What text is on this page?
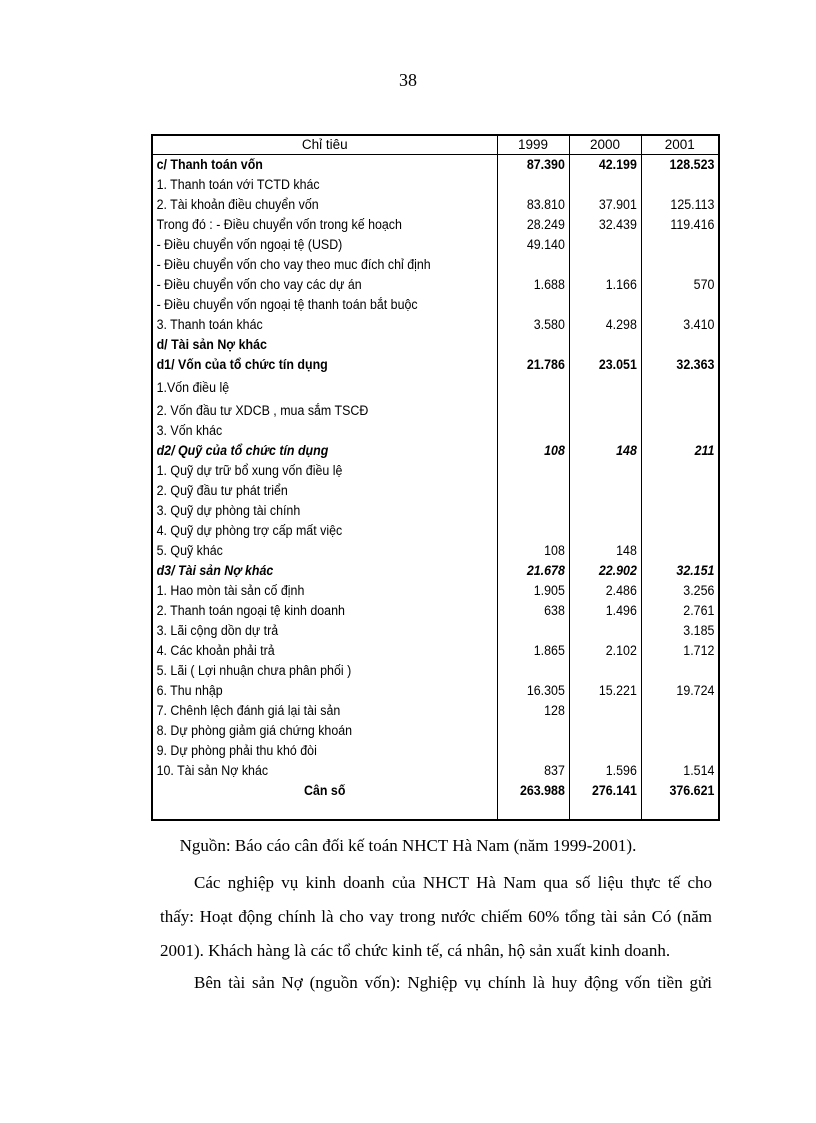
38
Chỉ tiêu	1999	2000	2001
c/ Thanh toán vốn	87.390	42.199	128.523
1. Thanh toán với TCTD khác			
2. Tài khoản điều chuyển vốn	83.810	37.901	125.113
Trong đó : - Điều chuyển vốn trong kế hoạch	28.249	32.439	119.416
- Điều chuyển vốn ngoại tệ (USD)	49.140		
- Điều chuyển vốn cho vay theo muc đích chỉ định			
- Điều chuyển vốn cho vay các dự án	1.688	1.166	570
- Điều chuyển vốn ngoại tệ thanh toán bắt buộc			
3. Thanh toán khác	3.580	4.298	3.410
d/ Tài sản Nợ khác			
d1/ Vốn của tổ chức tín dụng	21.786	23.051	32.363
1.Vốn điều lệ			
2. Vốn đầu tư XDCB , mua sắm TSCĐ			
3. Vốn khác			
d2/ Quỹ của tổ chức tín dụng	108	148	211
1. Quỹ dự trữ bổ xung vốn điều lệ			
2. Quỹ đầu tư phát triển			
3. Quỹ dự phòng tài chính			
4. Quỹ dự phòng trợ cấp mất việc			
5. Quỹ khác	108	148	
d3/ Tài sản Nợ khác	21.678	22.902	32.151
1. Hao mòn tài sản cố định	1.905	2.486	3.256
2. Thanh toán ngoại tệ kinh doanh	638	1.496	2.761
3. Lãi cộng dồn dự trả			3.185
4. Các khoản phải trả	1.865	2.102	1.712
5. Lãi ( Lợi nhuận chưa phân phối )			
6. Thu nhập	16.305	15.221	19.724
7. Chênh lệch đánh giá lại tài sản	128		
8. Dự phòng giảm giá chứng khoán			
9. Dự phòng phải thu khó đòi			
10. Tài sản Nợ khác	837	1.596	1.514
Cân số	263.988	276.141	376.621

Nguồn: Báo cáo cân đối kế toán NHCT Hà Nam (năm 1999-2001).
Các nghiệp vụ kinh doanh của NHCT Hà Nam qua số liệu thực tế cho
thấy: Hoạt động chính là cho vay trong nước chiếm 60% tổng tài sản Có (năm
2001). Khách hàng là các tổ chức kinh tế, cá nhân, hộ sản xuất kinh doanh.
Bên tài sản Nợ (nguồn vốn): Nghiệp vụ chính là huy động vốn tiền gửi
